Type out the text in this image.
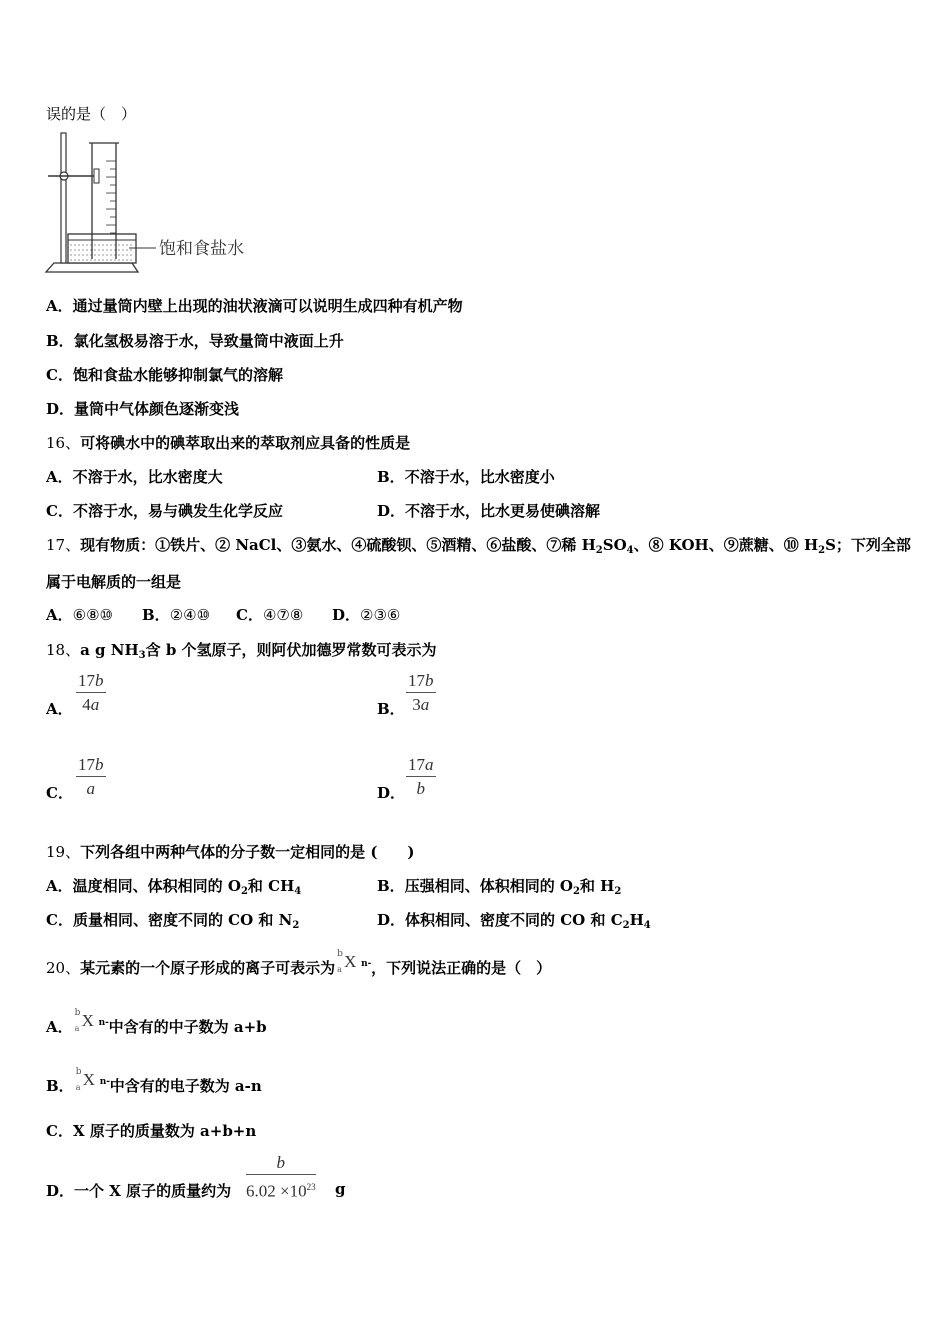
误的是（　）
饱和食盐水
A．通过量筒内壁上出现的油状液滴可以说明生成四种有机产物
B．氯化氢极易溶于水，导致量筒中液面上升
C．饱和食盐水能够抑制氯气的溶解
D．量筒中气体颜色逐渐变浅
16、可将碘水中的碘萃取出来的萃取剂应具备的性质是
A．不溶于水，比水密度大	B．不溶于水，比水密度小
C．不溶于水，易与碘发生化学反应	D．不溶于水，比水更易使碘溶解
17、现有物质：①铁片、② NaCl、③氨水、④硫酸钡、⑤酒精、⑥盐酸、⑦稀 $H_2SO_4$、⑧ KOH、⑨蔗糖、⑩ $H_2S$；下列全部
属于电解质的一组是
A．⑥⑧⑩ B．②④⑩ C．④⑦⑧ D．②③⑥
18、a g $NH_3$含 b 个氢原子，则阿伏加德罗常数可表示为
A． $\frac{17b}{4a}$	B． $\frac{17b}{3a}$
C． $\frac{17b}{a}$	D． $\frac{17a}{b}$
19、下列各组中两种气体的分子数一定相同的是 (　　)
A．温度相同、体积相同的 $O_2$和 $CH_4$	B．压强相同、体积相同的 $O_2$和 $H_2$
C．质量相同、密度不同的 CO 和 $N_2$	D．体积相同、密度不同的 CO 和 $C_2H_4$
20、某元素的一个原子形成的离子可表示为
b
a X n- ，下列说法正确的是（　）
A．
b
a X n- 中含有的中子数为 a+b
B．
b
a X n- 中含有的电子数为 a-n
C．X 原子的质量数为 a+b+n
D．一个 X 原子的质量约为 $\frac{b}{6.02 \times 10^{23}}$ g
